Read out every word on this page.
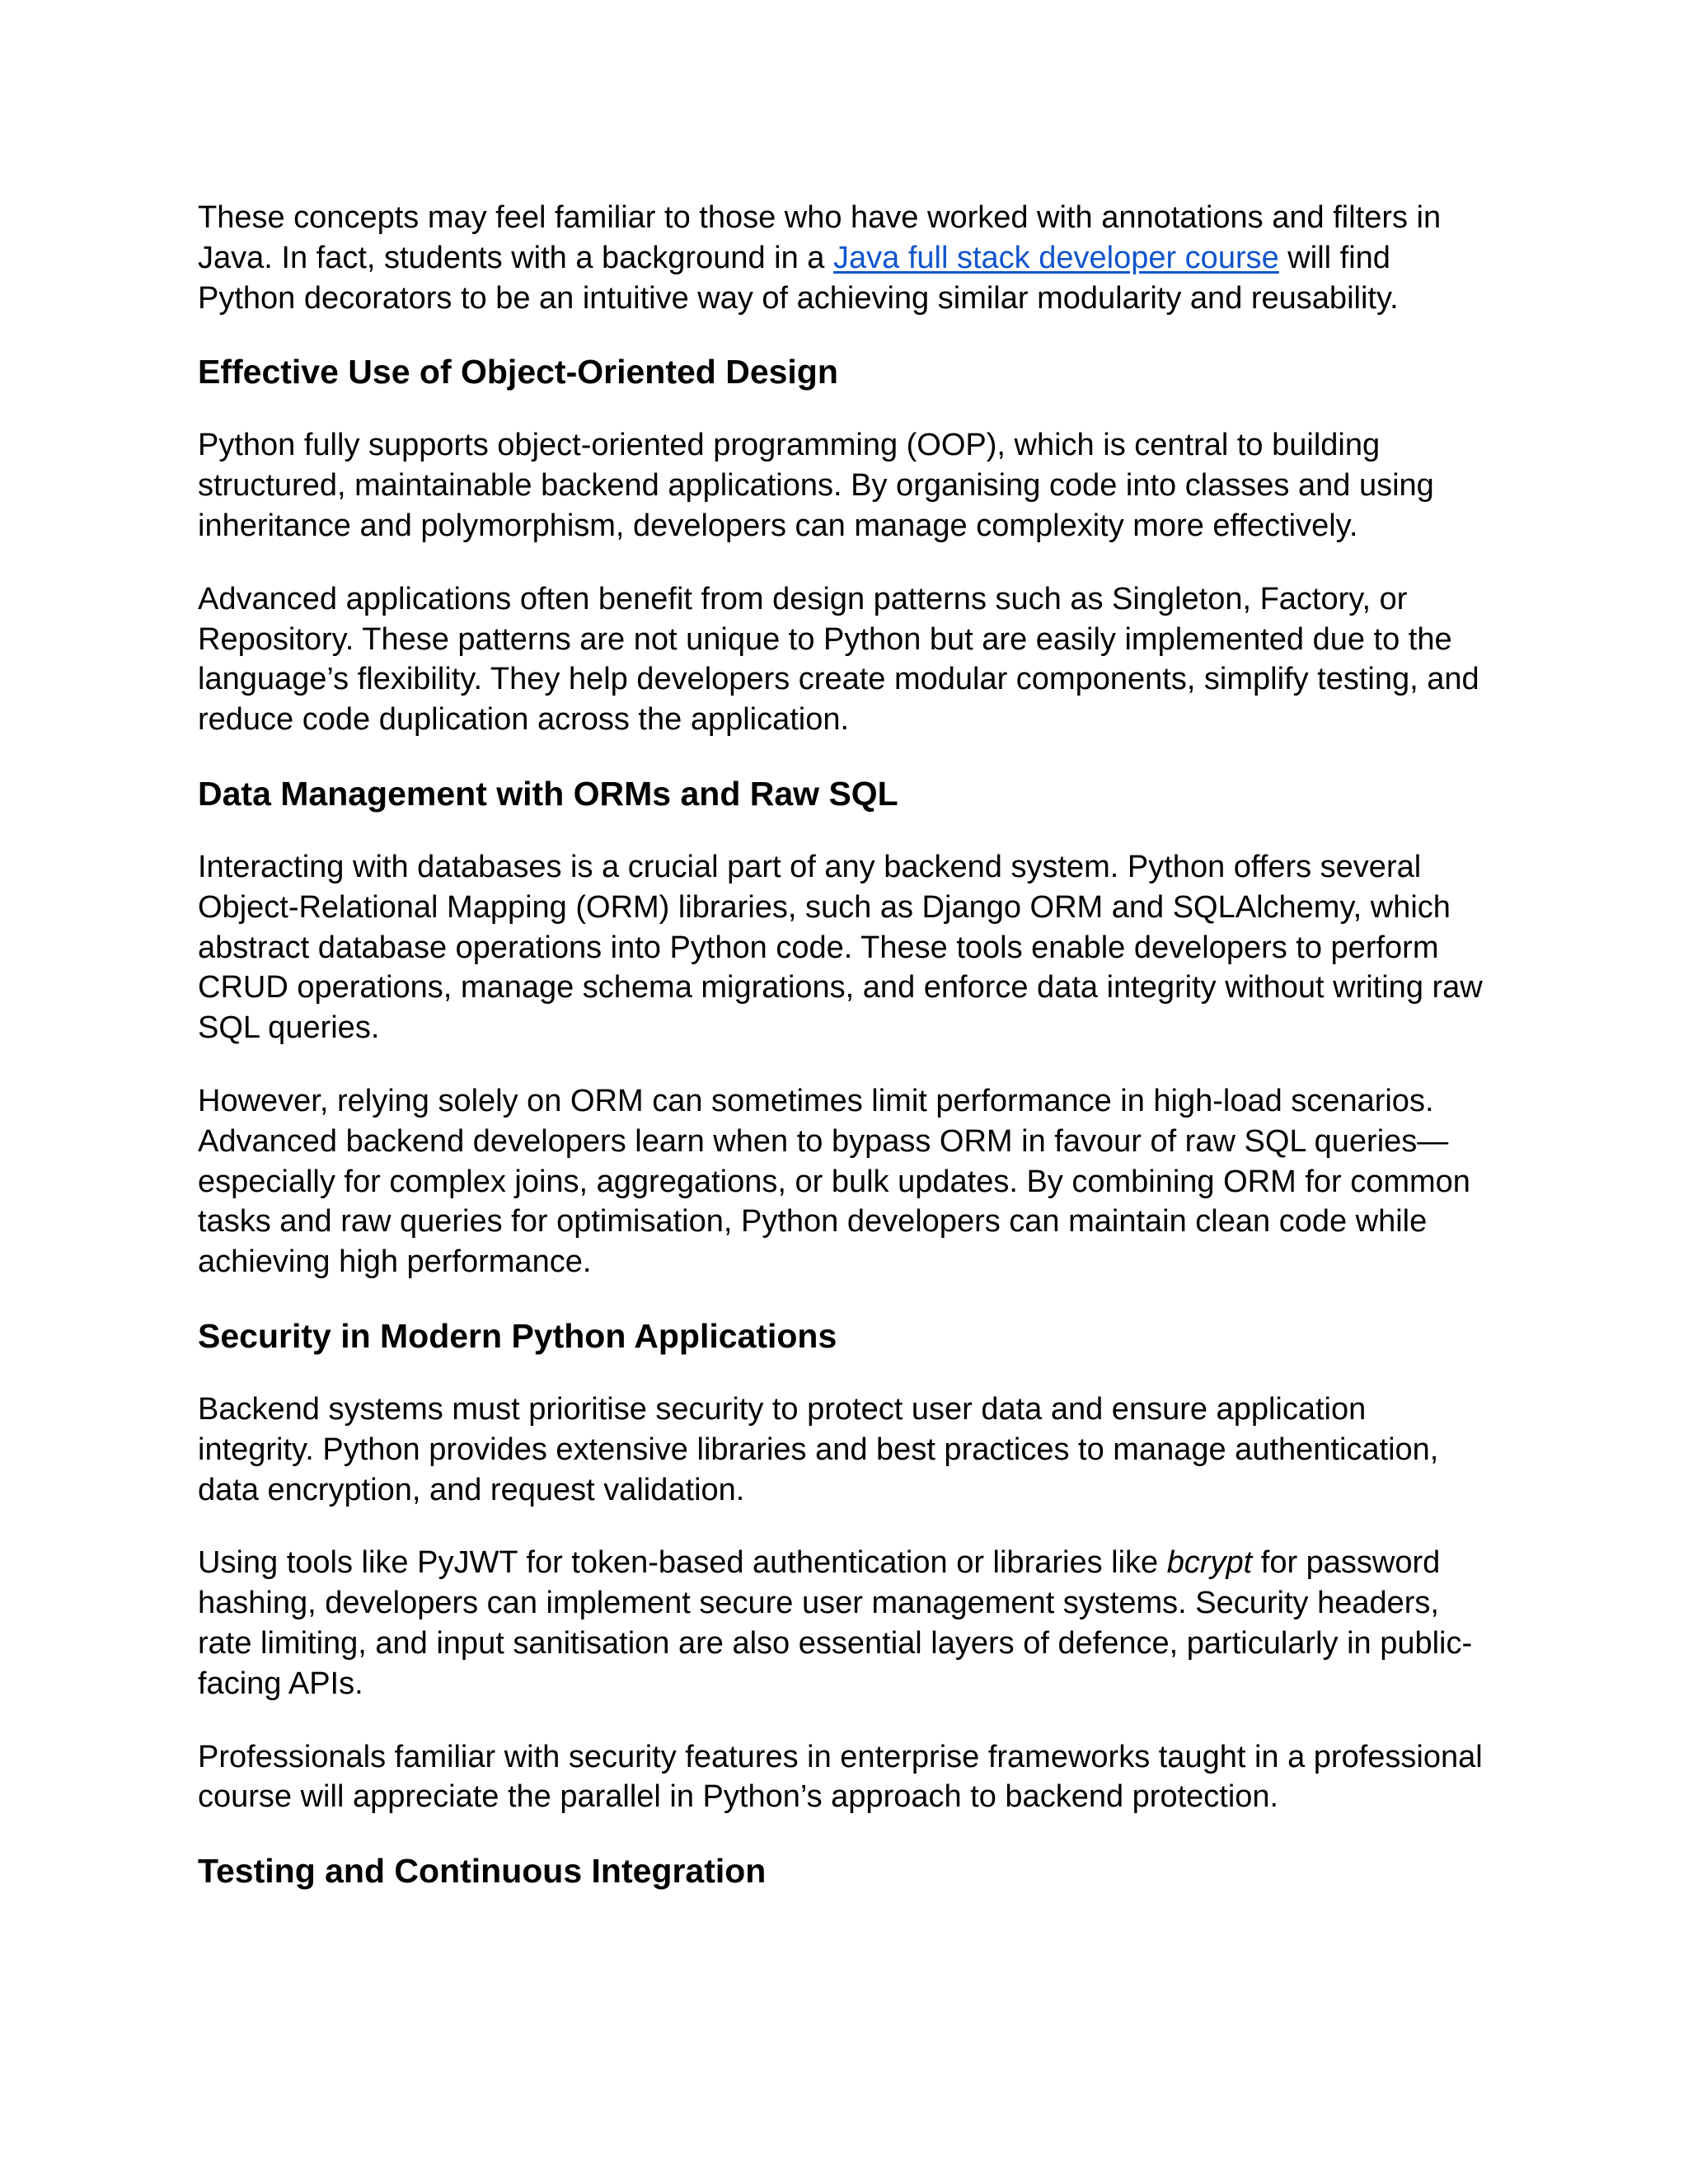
These concepts may feel familiar to those who have worked with annotations and filters in Java. In fact, students with a background in a Java full stack developer course will find Python decorators to be an intuitive way of achieving similar modularity and reusability.

Effective Use of Object-Oriented Design

Python fully supports object-oriented programming (OOP), which is central to building structured, maintainable backend applications. By organising code into classes and using inheritance and polymorphism, developers can manage complexity more effectively.

Advanced applications often benefit from design patterns such as Singleton, Factory, or Repository. These patterns are not unique to Python but are easily implemented due to the language’s flexibility. They help developers create modular components, simplify testing, and reduce code duplication across the application.

Data Management with ORMs and Raw SQL

Interacting with databases is a crucial part of any backend system. Python offers several Object-Relational Mapping (ORM) libraries, such as Django ORM and SQLAlchemy, which abstract database operations into Python code. These tools enable developers to perform CRUD operations, manage schema migrations, and enforce data integrity without writing raw SQL queries.

However, relying solely on ORM can sometimes limit performance in high-load scenarios. Advanced backend developers learn when to bypass ORM in favour of raw SQL queries—especially for complex joins, aggregations, or bulk updates. By combining ORM for common tasks and raw queries for optimisation, Python developers can maintain clean code while achieving high performance.

Security in Modern Python Applications

Backend systems must prioritise security to protect user data and ensure application integrity. Python provides extensive libraries and best practices to manage authentication, data encryption, and request validation.

Using tools like PyJWT for token-based authentication or libraries like bcrypt for password hashing, developers can implement secure user management systems. Security headers, rate limiting, and input sanitisation are also essential layers of defence, particularly in public-facing APIs.

Professionals familiar with security features in enterprise frameworks taught in a professional course will appreciate the parallel in Python’s approach to backend protection.

Testing and Continuous Integration
